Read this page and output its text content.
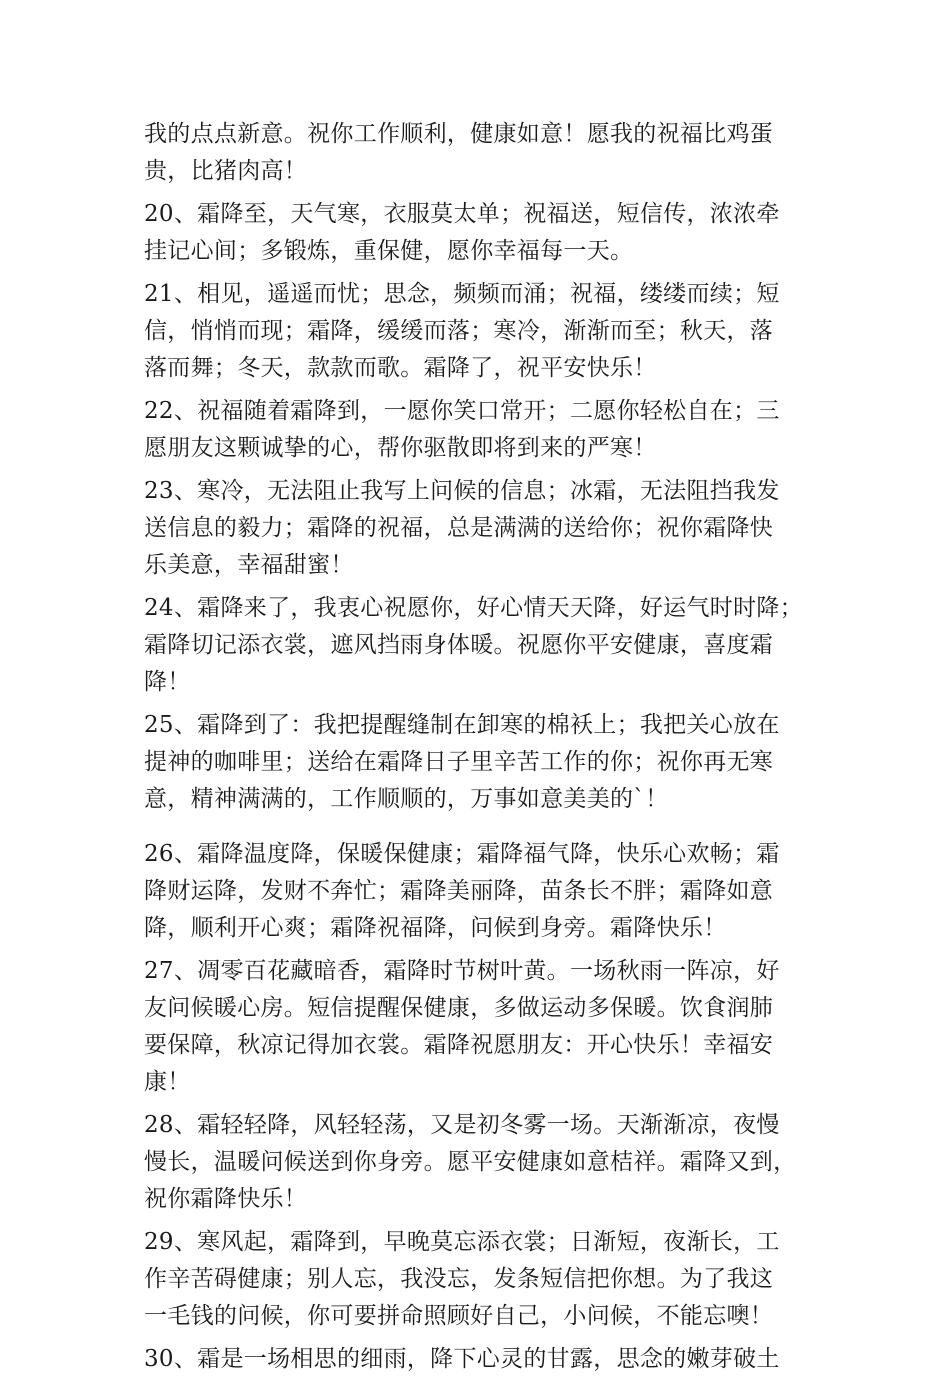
我的点点新意。祝你工作顺利，健康如意！愿我的祝福比鸡蛋
贵，比猪肉高！
20、霜降至，天气寒，衣服莫太单；祝福送，短信传，浓浓牵
挂记心间；多锻炼，重保健，愿你幸福每一天。
21、相见，遥遥而忧；思念，频频而涌；祝福，缕缕而续；短
信，悄悄而现；霜降，缓缓而落；寒冷，渐渐而至；秋天，落
落而舞；冬天，款款而歌。霜降了，祝平安快乐！
22、祝福随着霜降到，一愿你笑口常开；二愿你轻松自在；三
愿朋友这颗诚挚的心，帮你驱散即将到来的严寒！
23、寒冷，无法阻止我写上问候的信息；冰霜，无法阻挡我发
送信息的毅力；霜降的祝福，总是满满的送给你；祝你霜降快
乐美意，幸福甜蜜！
24、霜降来了，我衷心祝愿你，好心情天天降，好运气时时降；
霜降切记添衣裳，遮风挡雨身体暖。祝愿你平安健康，喜度霜
降！
25、霜降到了：我把提醒缝制在卸寒的棉袄上；我把关心放在
提神的咖啡里；送给在霜降日子里辛苦工作的你；祝你再无寒
意，精神满满的，工作顺顺的，万事如意美美的`！
26、霜降温度降，保暖保健康；霜降福气降，快乐心欢畅；霜
降财运降，发财不奔忙；霜降美丽降，苗条长不胖；霜降如意
降，顺利开心爽；霜降祝福降，问候到身旁。霜降快乐！
27、凋零百花藏暗香，霜降时节树叶黄。一场秋雨一阵凉，好
友问候暖心房。短信提醒保健康，多做运动多保暖。饮食润肺
要保障，秋凉记得加衣裳。霜降祝愿朋友：开心快乐！幸福安
康！
28、霜轻轻降，风轻轻荡，又是初冬雾一场。天渐渐凉，夜慢
慢长，温暖问候送到你身旁。愿平安健康如意桔祥。霜降又到，
祝你霜降快乐！
29、寒风起，霜降到，早晚莫忘添衣裳；日渐短，夜渐长，工
作辛苦碍健康；别人忘，我没忘，发条短信把你想。为了我这
一毛钱的问候，你可要拼命照顾好自己，小问候，不能忘噢！
30、霜是一场相思的细雨，降下心灵的甘露，思念的嫩芽破土
